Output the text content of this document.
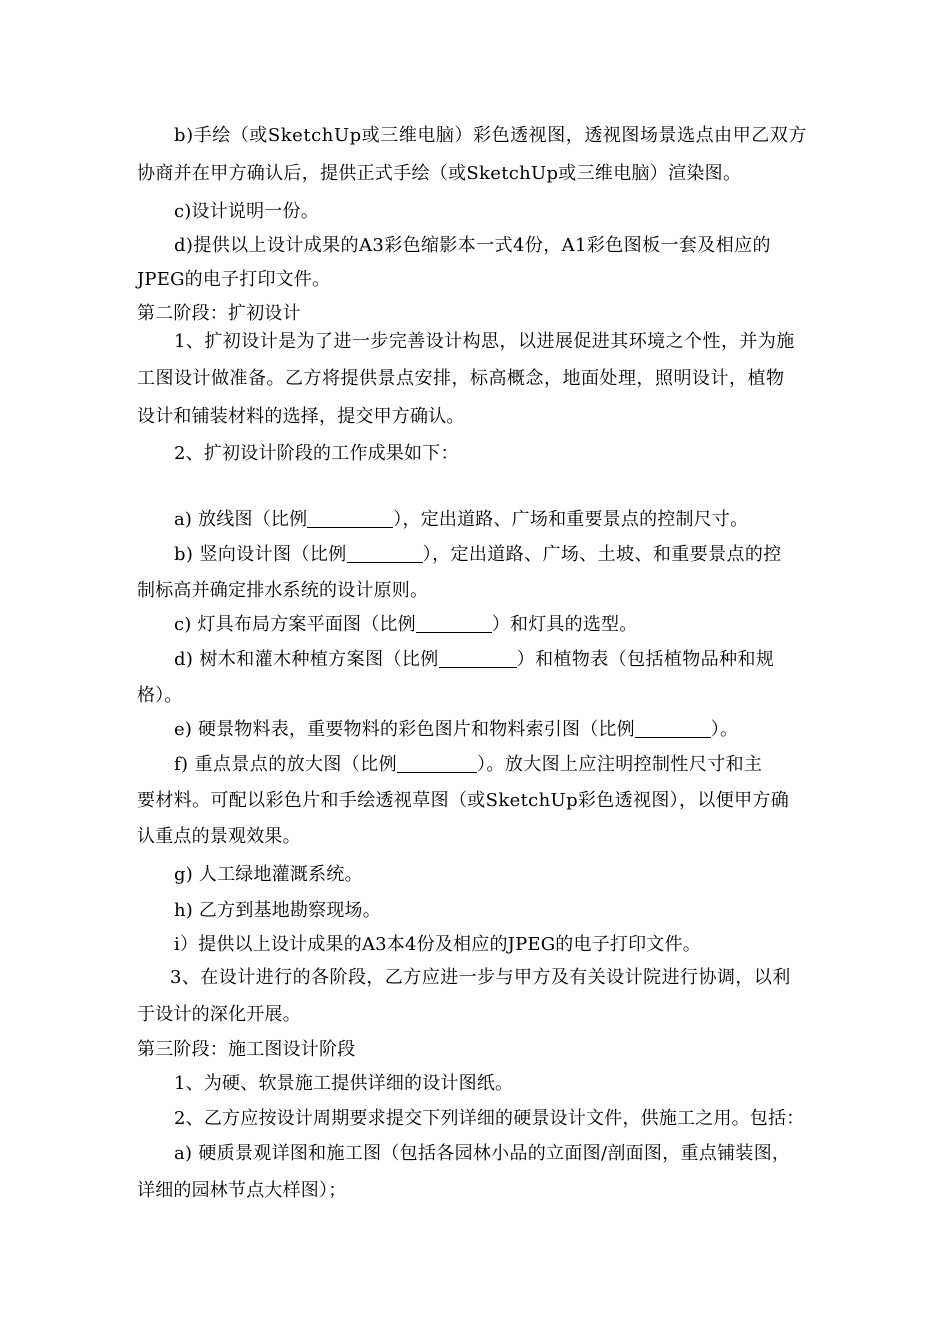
b)手绘（或SketchUp或三维电脑）彩色透视图，透视图场景选点由甲乙双方
协商并在甲方确认后，提供正式手绘（或SketchUp或三维电脑）渲染图。
c)设计说明一份。
d)提供以上设计成果的A3彩色缩影本一式4份，A1彩色图板一套及相应的
JPEG的电子打印文件。
第二阶段：扩初设计
1、扩初设计是为了进一步完善设计构思，以进展促进其环境之个性，并为施
工图设计做准备。乙方将提供景点安排，标高概念，地面处理，照明设计，植物
设计和铺装材料的选择，提交甲方确认。
2、扩初设计阶段的工作成果如下：
a) 放线图（比例	），定出道路、广场和重要景点的控制尺寸。
b) 竖向设计图（比例	），定出道路、广场、土坡、和重要景点的控
制标高并确定排水系统的设计原则。
c) 灯具布局方案平面图（比例	）和灯具的选型。
d) 树木和灌木种植方案图（比例	）和植物表（包括植物品种和规
格）。
e) 硬景物料表，重要物料的彩色图片和物料索引图（比例	）。
f) 重点景点的放大图（比例	）。放大图上应注明控制性尺寸和主
要材料。可配以彩色片和手绘透视草图（或SketchUp彩色透视图），以便甲方确
认重点的景观效果。
g) 人工绿地灌溉系统。
h) 乙方到基地勘察现场。
i）提供以上设计成果的A3本4份及相应的JPEG的电子打印文件。
3、在设计进行的各阶段，乙方应进一步与甲方及有关设计院进行协调，以利
于设计的深化开展。
第三阶段：施工图设计阶段
1、为硬、软景施工提供详细的设计图纸。
2、乙方应按设计周期要求提交下列详细的硬景设计文件，供施工之用。包括：
a) 硬质景观详图和施工图（包括各园林小品的立面图/剖面图，重点铺装图，
详细的园林节点大样图）；
